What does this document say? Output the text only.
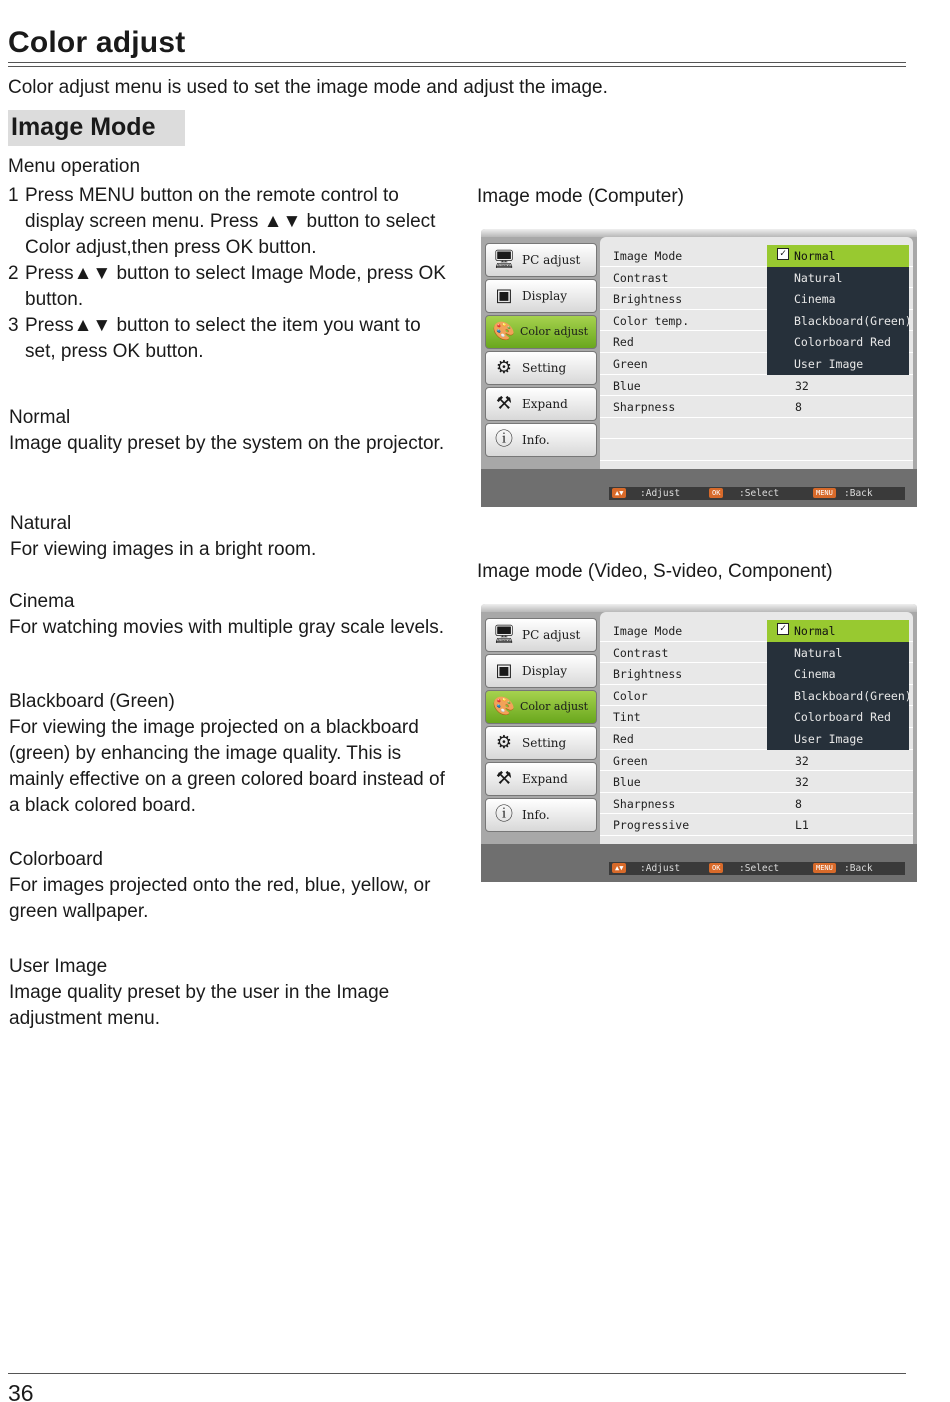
Color adjust
Color adjust menu is used to set the image mode and adjust the image.
Image Mode
Menu operation
1 Press MENU button on the remote control to display screen menu. Press ▲▼ button to select Color adjust,then press OK button.
2 Press▲▼ button to select Image Mode, press OK button.
3 Press▲▼ button to select the item you want to set, press OK button.
Normal
Image quality preset by the system on the projector.
Natural
For viewing images in a bright room.
Cinema
For watching movies with multiple gray scale levels.
Blackboard (Green)
For viewing the image projected on a blackboard (green) by enhancing the image quality. This is mainly effective on a green colored board instead of a black colored board.
Colorboard
For images projected onto the red, blue, yellow, or green wallpaper.
User Image
Image quality preset by the user in the Image adjustment menu.
Image mode (Computer)
🖥 PC adjust
▣ Display
🎨 Color adjust
⚙ Setting
⚒ Expand
ⓘ Info.
Image Mode
Contrast
Brightness
Color temp.
Red
Green
Blue	32
Sharpness	8
✓ Normal
Natural
Cinema
Blackboard(Green)
Colorboard Red
User Image
▲▼	:Adjust	OK	:Select	MENU	:Back
Image mode (Video, S-video, Component)
🖥 PC adjust
▣ Display
🎨 Color adjust
⚙ Setting
⚒ Expand
ⓘ Info.
Image Mode
Contrast
Brightness
Color
Tint
Red
Green	32
Blue	32
Sharpness	8
Progressive	L1
✓ Normal
Natural
Cinema
Blackboard(Green)
Colorboard Red
User Image
▲▼	:Adjust	OK	:Select	MENU	:Back
36
